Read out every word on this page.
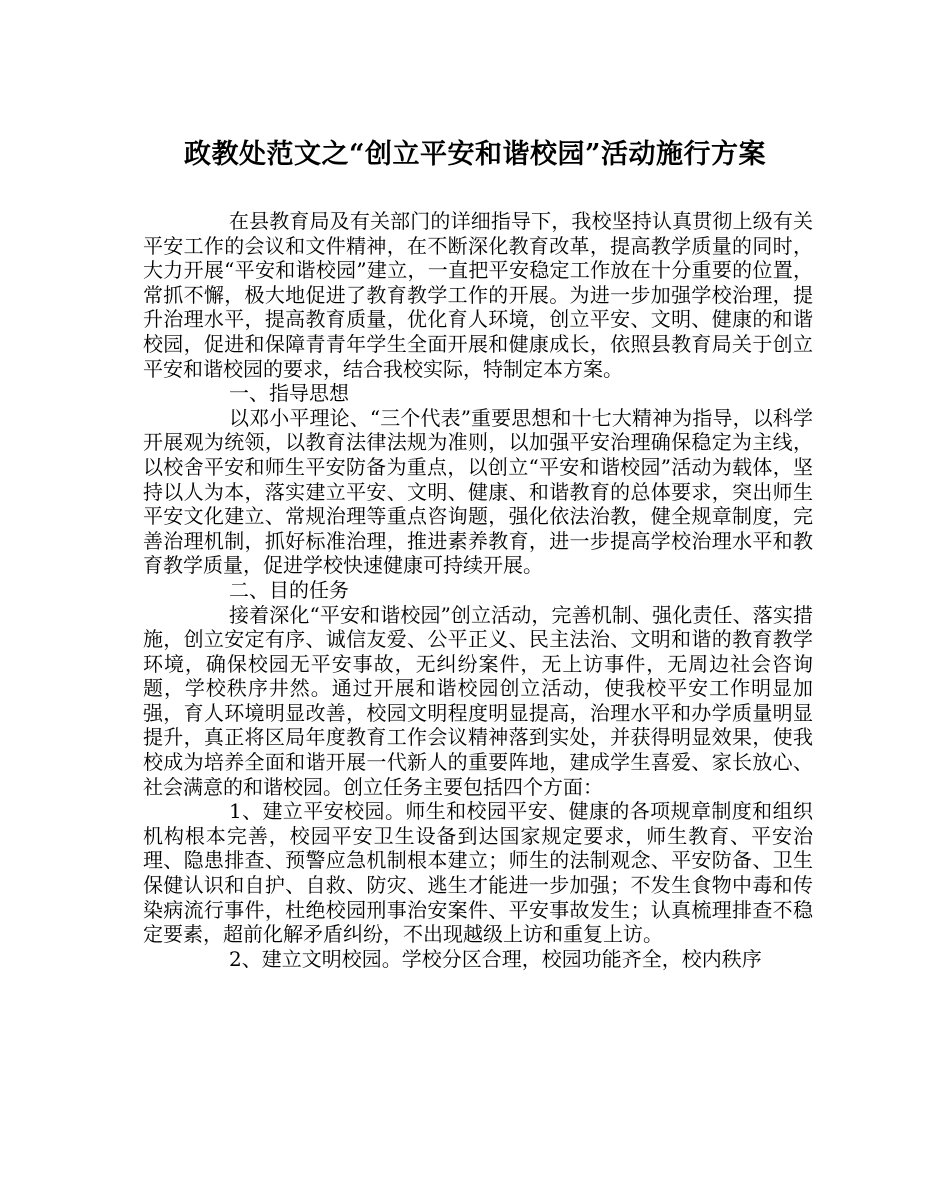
政教处范文之“创立平安和谐校园”活动施行方案

在县教育局及有关部门的详细指导下，我校坚持认真贯彻上级有关平安工作的会议和文件精神，在不断深化教育改革，提高教学质量的同时，大力开展“平安和谐校园”建立，一直把平安稳定工作放在十分重要的位置，常抓不懈，极大地促进了教育教学工作的开展。为进一步加强学校治理，提升治理水平，提高教育质量，优化育人环境，创立平安、文明、健康的和谐校园，促进和保障青青年学生全面开展和健康成长，依照县教育局关于创立平安和谐校园的要求，结合我校实际，特制定本方案。

一、指导思想

以邓小平理论、“三个代表”重要思想和十七大精神为指导，以科学开展观为统领，以教育法律法规为准则，以加强平安治理确保稳定为主线，以校舍平安和师生平安防备为重点，以创立“平安和谐校园”活动为载体，坚持以人为本，落实建立平安、文明、健康、和谐教育的总体要求，突出师生平安文化建立、常规治理等重点咨询题，强化依法治教，健全规章制度，完善治理机制，抓好标准治理，推进素养教育，进一步提高学校治理水平和教育教学质量，促进学校快速健康可持续开展。

二、目的任务

接着深化“平安和谐校园”创立活动，完善机制、强化责任、落实措施，创立安定有序、诚信友爱、公平正义、民主法治、文明和谐的教育教学环境，确保校园无平安事故，无纠纷案件，无上访事件，无周边社会咨询题，学校秩序井然。通过开展和谐校园创立活动，使我校平安工作明显加强，育人环境明显改善，校园文明程度明显提高，治理水平和办学质量明显提升，真正将区局年度教育工作会议精神落到实处，并获得明显效果，使我校成为培养全面和谐开展一代新人的重要阵地，建成学生喜爱、家长放心、社会满意的和谐校园。创立任务主要包括四个方面：

1、建立平安校园。师生和校园平安、健康的各项规章制度和组织机构根本完善，校园平安卫生设备到达国家规定要求，师生教育、平安治理、隐患排查、预警应急机制根本建立；师生的法制观念、平安防备、卫生保健认识和自护、自救、防灾、逃生才能进一步加强；不发生食物中毒和传染病流行事件，杜绝校园刑事治安案件、平安事故发生；认真梳理排查不稳定要素，超前化解矛盾纠纷，不出现越级上访和重复上访。

2、建立文明校园。学校分区合理，校园功能齐全，校内秩序
